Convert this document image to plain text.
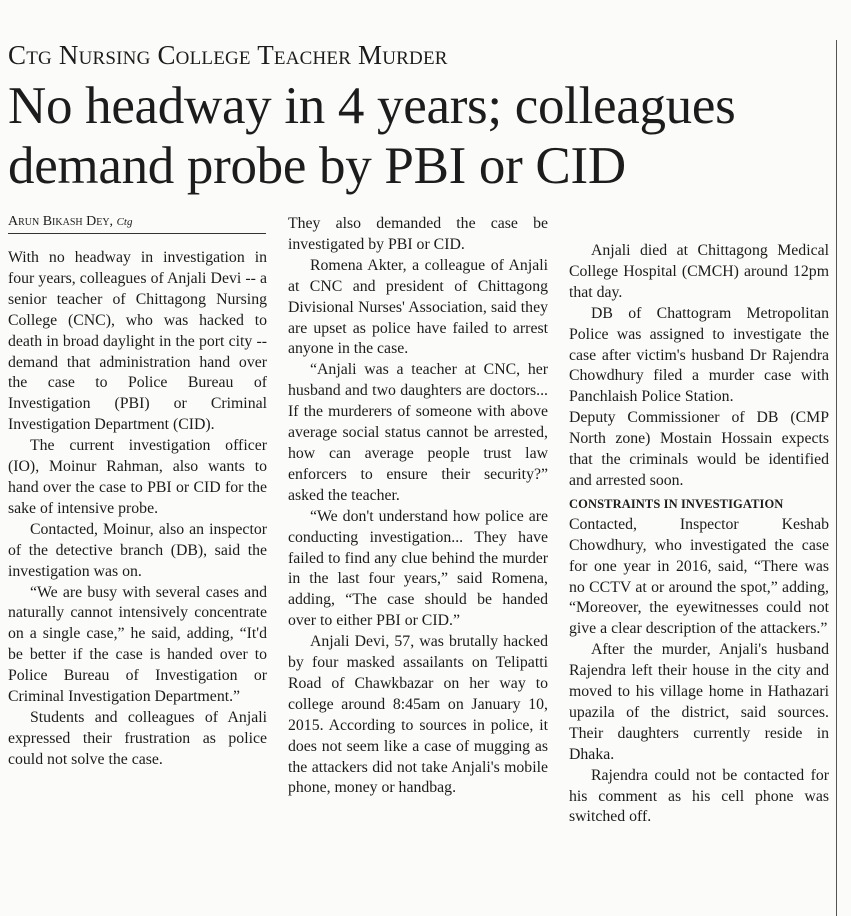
Ctg Nursing College Teacher Murder
No headway in 4 years; colleagues demand probe by PBI or CID
Arun Bikash Dey, Ctg

With no headway in investigation in four years, colleagues of Anjali Devi -- a senior teacher of Chittagong Nursing College (CNC), who was hacked to death in broad daylight in the port city -- demand that administration hand over the case to Police Bureau of Investigation (PBI) or Criminal Investigation Department (CID).

The current investigation officer (IO), Moinur Rahman, also wants to hand over the case to PBI or CID for the sake of intensive probe.

Contacted, Moinur, also an inspector of the detective branch (DB), said the investigation was on.

“We are busy with several cases and naturally cannot intensively concentrate on a single case,” he said, adding, “It'd be better if the case is handed over to Police Bureau of Investigation or Criminal Investigation Department.”

Students and colleagues of Anjali expressed their frustration as police could not solve the case.

They also demanded the case be investigated by PBI or CID.

Romena Akter, a colleague of Anjali at CNC and president of Chittagong Divisional Nurses' Association, said they are upset as police have failed to arrest anyone in the case.

“Anjali was a teacher at CNC, her husband and two daughters are doctors... If the murderers of someone with above average social status cannot be arrested, how can average people trust law enforcers to ensure their security?” asked the teacher.

“We don't understand how police are conducting investigation... They have failed to find any clue behind the murder in the last four years,” said Romena, adding, “The case should be handed over to either PBI or CID.”

Anjali Devi, 57, was brutally hacked by four masked assailants on Telipatti Road of Chawkbazar on her way to college around 8:45am on January 10, 2015. According to sources in police, it does not seem like a case of mugging as the attackers did not take Anjali's mobile phone, money or handbag.

Anjali died at Chittagong Medical College Hospital (CMCH) around 12pm that day.

DB of Chattogram Metropolitan Police was assigned to investigate the case after victim's husband Dr Rajendra Chowdhury filed a murder case with Panchlaish Police Station.

Deputy Commissioner of DB (CMP North zone) Mostain Hossain expects that the criminals would be identified and arrested soon.

CONSTRAINTS IN INVESTIGATION

Contacted, Inspector Keshab Chowdhury, who investigated the case for one year in 2016, said, “There was no CCTV at or around the spot,” adding, “Moreover, the eyewitnesses could not give a clear description of the attackers.”

After the murder, Anjali's husband Rajendra left their house in the city and moved to his village home in Hathazari upazila of the district, said sources. Their daughters currently reside in Dhaka.

Rajendra could not be contacted for his comment as his cell phone was switched off.
